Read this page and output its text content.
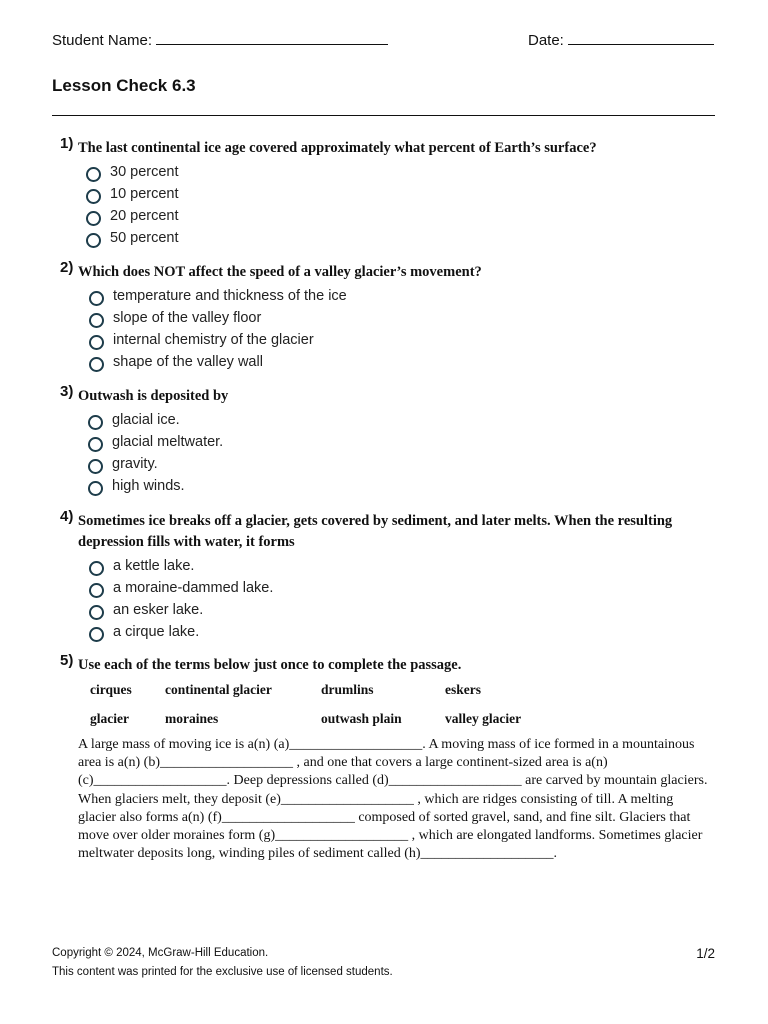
Student Name:	Date:
Lesson Check 6.3
1) The last continental ice age covered approximately what percent of Earth’s surface?
30 percent
10 percent
20 percent
50 percent
2) Which does NOT affect the speed of a valley glacier’s movement?
temperature and thickness of the ice
slope of the valley floor
internal chemistry of the glacier
shape of the valley wall
3) Outwash is deposited by
glacial ice.
glacial meltwater.
gravity.
high winds.
4) Sometimes ice breaks off a glacier, gets covered by sediment, and later melts. When the resulting depression fills with water, it forms
a kettle lake.
a moraine-dammed lake.
an esker lake.
a cirque lake.
5) Use each of the terms below just once to complete the passage.
cirques	continental glacier	drumlins	eskers
glacier	moraines	outwash plain	valley glacier
A large mass of moving ice is a(n) (a)___________________. A moving mass of ice formed in a mountainous area is a(n) (b)___________________ , and one that covers a large continent-sized area is a(n) (c)___________________. Deep depressions called (d)___________________ are carved by mountain glaciers. When glaciers melt, they deposit (e)___________________ , which are ridges consisting of till. A melting glacier also forms a(n) (f)___________________ composed of sorted gravel, sand, and fine silt. Glaciers that move over older moraines form (g)___________________ , which are elongated landforms. Sometimes glacier meltwater deposits long, winding piles of sediment called (h)___________________.
Copyright © 2024, McGraw-Hill Education.
This content was printed for the exclusive use of licensed students.
1/2
